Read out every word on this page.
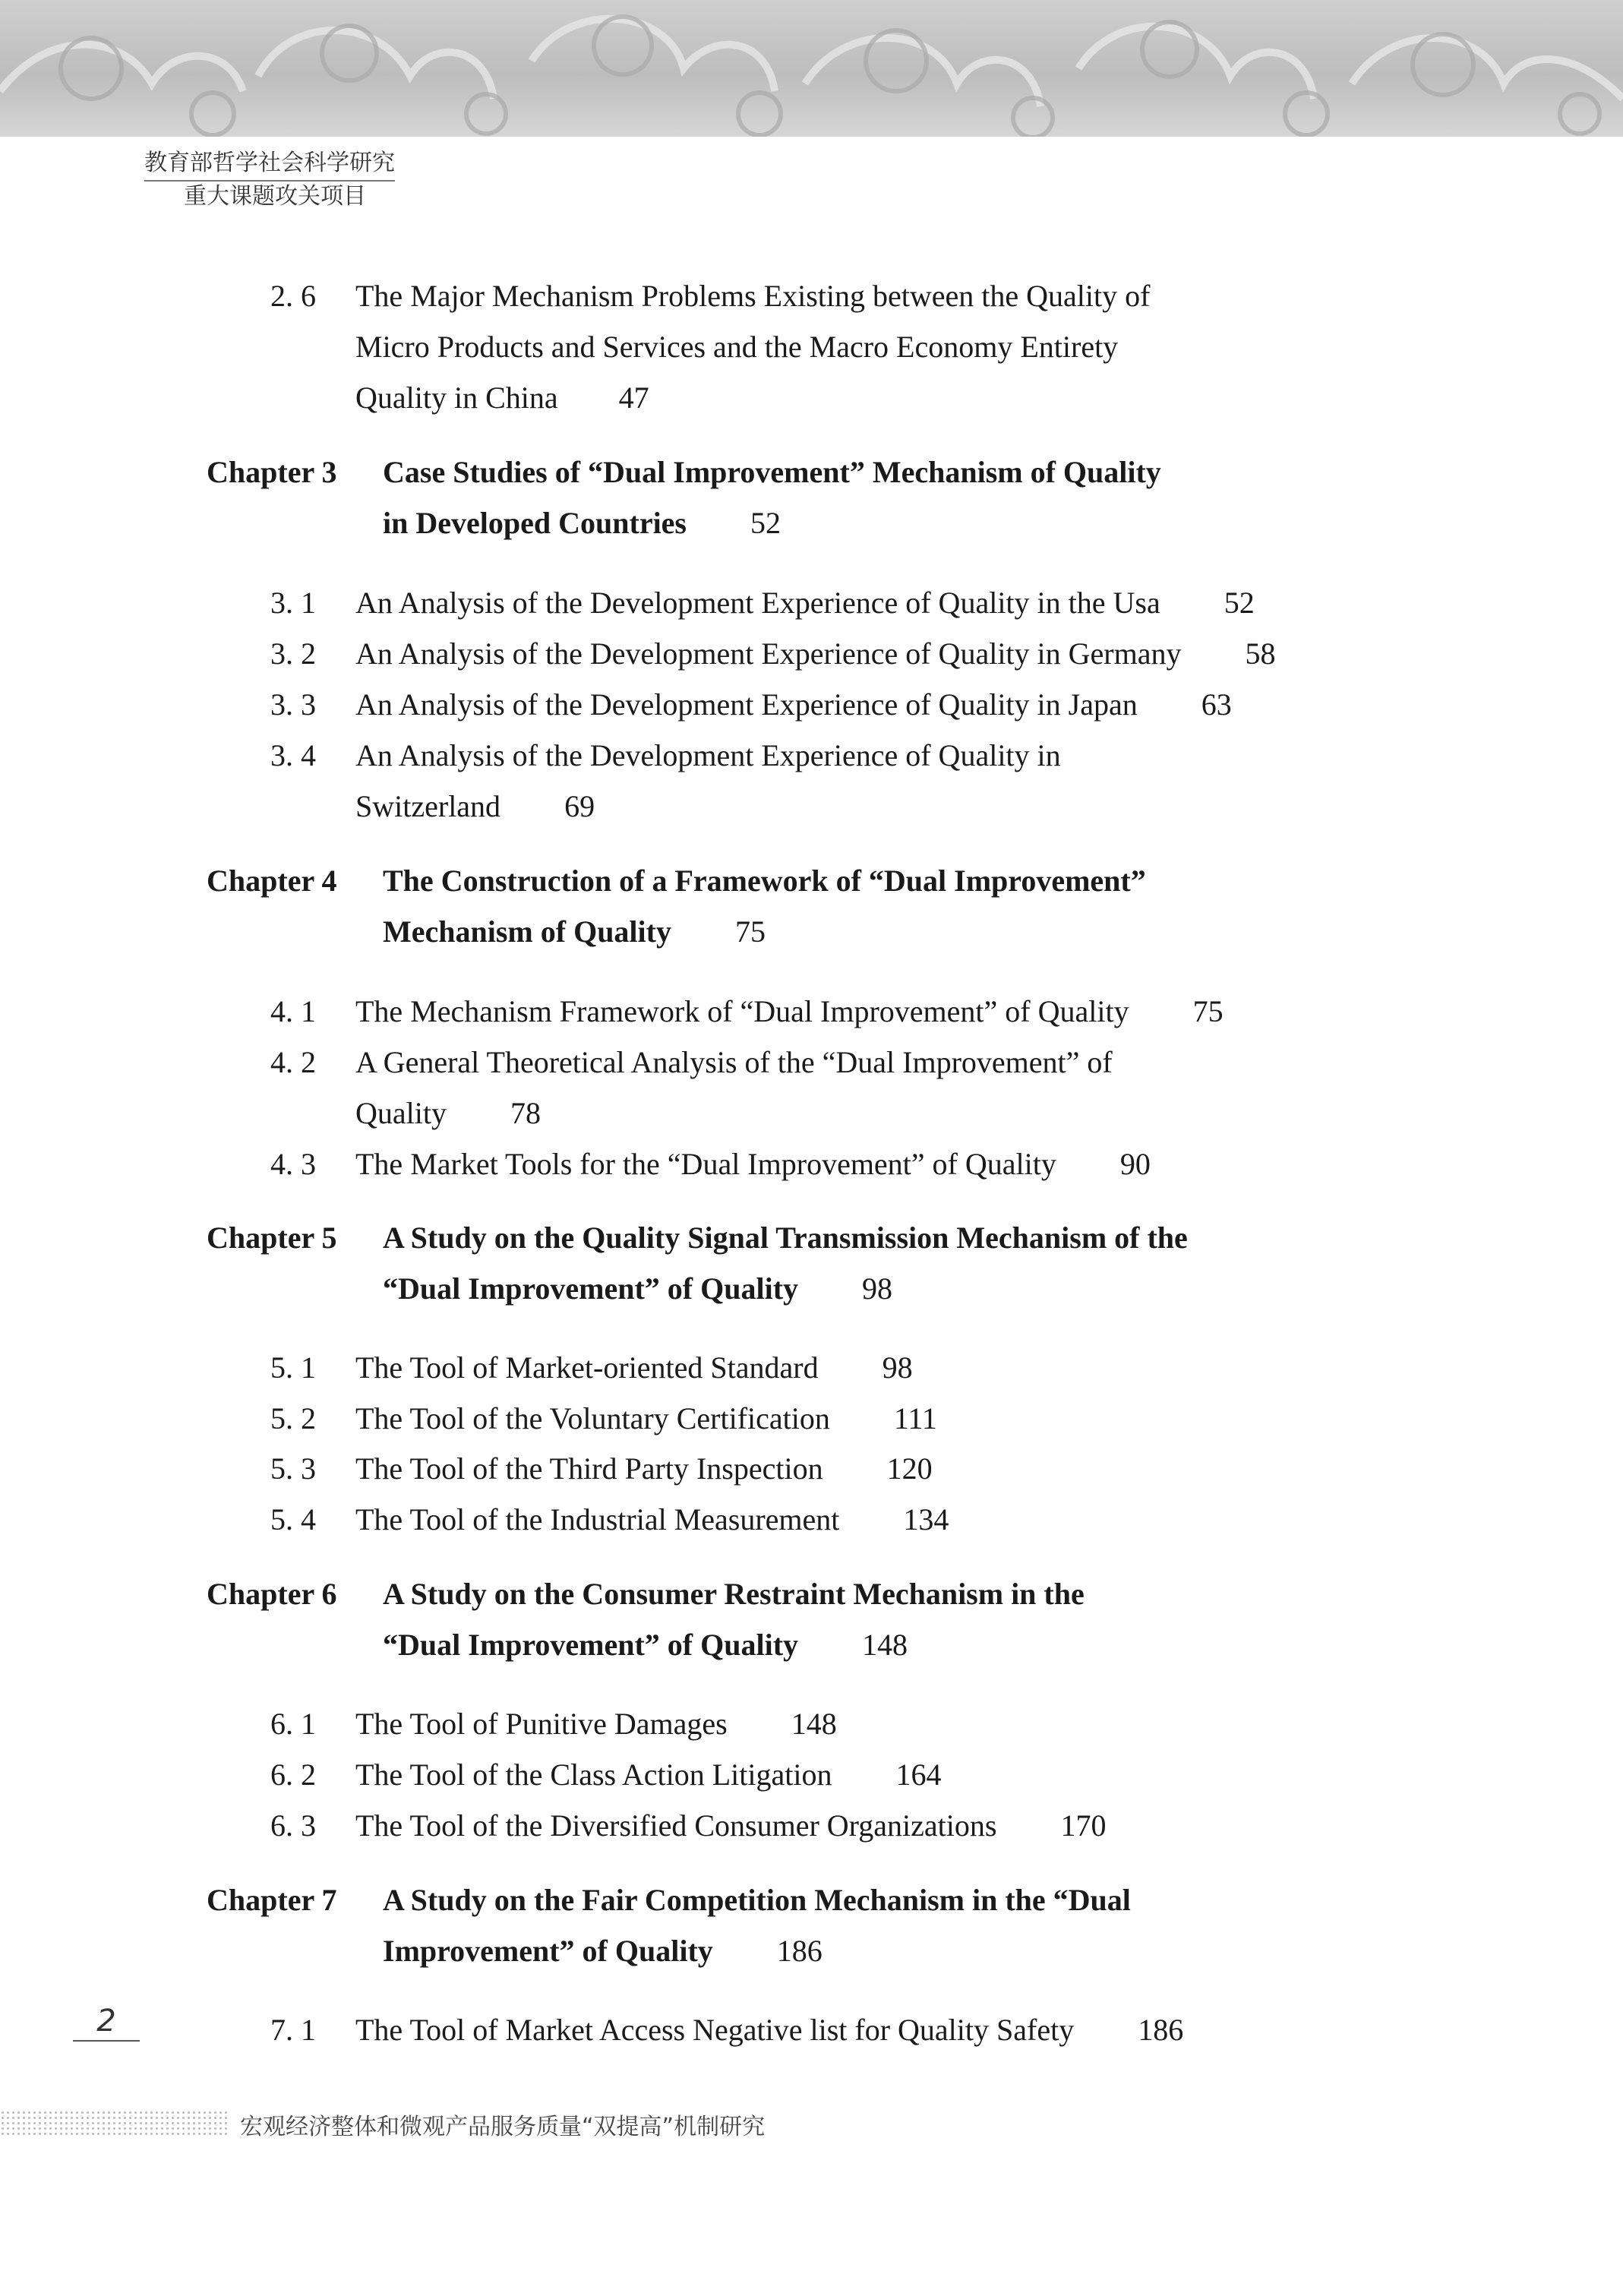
教育部哲学社会科学研究
重大课题攻关项目
2. 6 The Major Mechanism Problems Existing between the Quality of
Micro Products and Services and the Macro Economy Entirety
Quality in China 47
Chapter 3 Case Studies of “Dual Improvement” Mechanism of Quality
in Developed Countries 52
3. 1 An Analysis of the Development Experience of Quality in the Usa 52
3. 2 An Analysis of the Development Experience of Quality in Germany 58
3. 3 An Analysis of the Development Experience of Quality in Japan 63
3. 4 An Analysis of the Development Experience of Quality in
Switzerland 69
Chapter 4 The Construction of a Framework of “Dual Improvement”
Mechanism of Quality 75
4. 1 The Mechanism Framework of “Dual Improvement” of Quality 75
4. 2 A General Theoretical Analysis of the “Dual Improvement” of
Quality 78
4. 3 The Market Tools for the “Dual Improvement” of Quality 90
Chapter 5 A Study on the Quality Signal Transmission Mechanism of the
“Dual Improvement” of Quality 98
5. 1 The Tool of Market-oriented Standard 98
5. 2 The Tool of the Voluntary Certification 111
5. 3 The Tool of the Third Party Inspection 120
5. 4 The Tool of the Industrial Measurement 134
Chapter 6 A Study on the Consumer Restraint Mechanism in the
“Dual Improvement” of Quality 148
6. 1 The Tool of Punitive Damages 148
6. 2 The Tool of the Class Action Litigation 164
6. 3 The Tool of the Diversified Consumer Organizations 170
Chapter 7 A Study on the Fair Competition Mechanism in the “Dual
Improvement” of Quality 186
7. 1 The Tool of Market Access Negative list for Quality Safety 186
2
宏观经济整体和微观产品服务质量“双提高”机制研究
